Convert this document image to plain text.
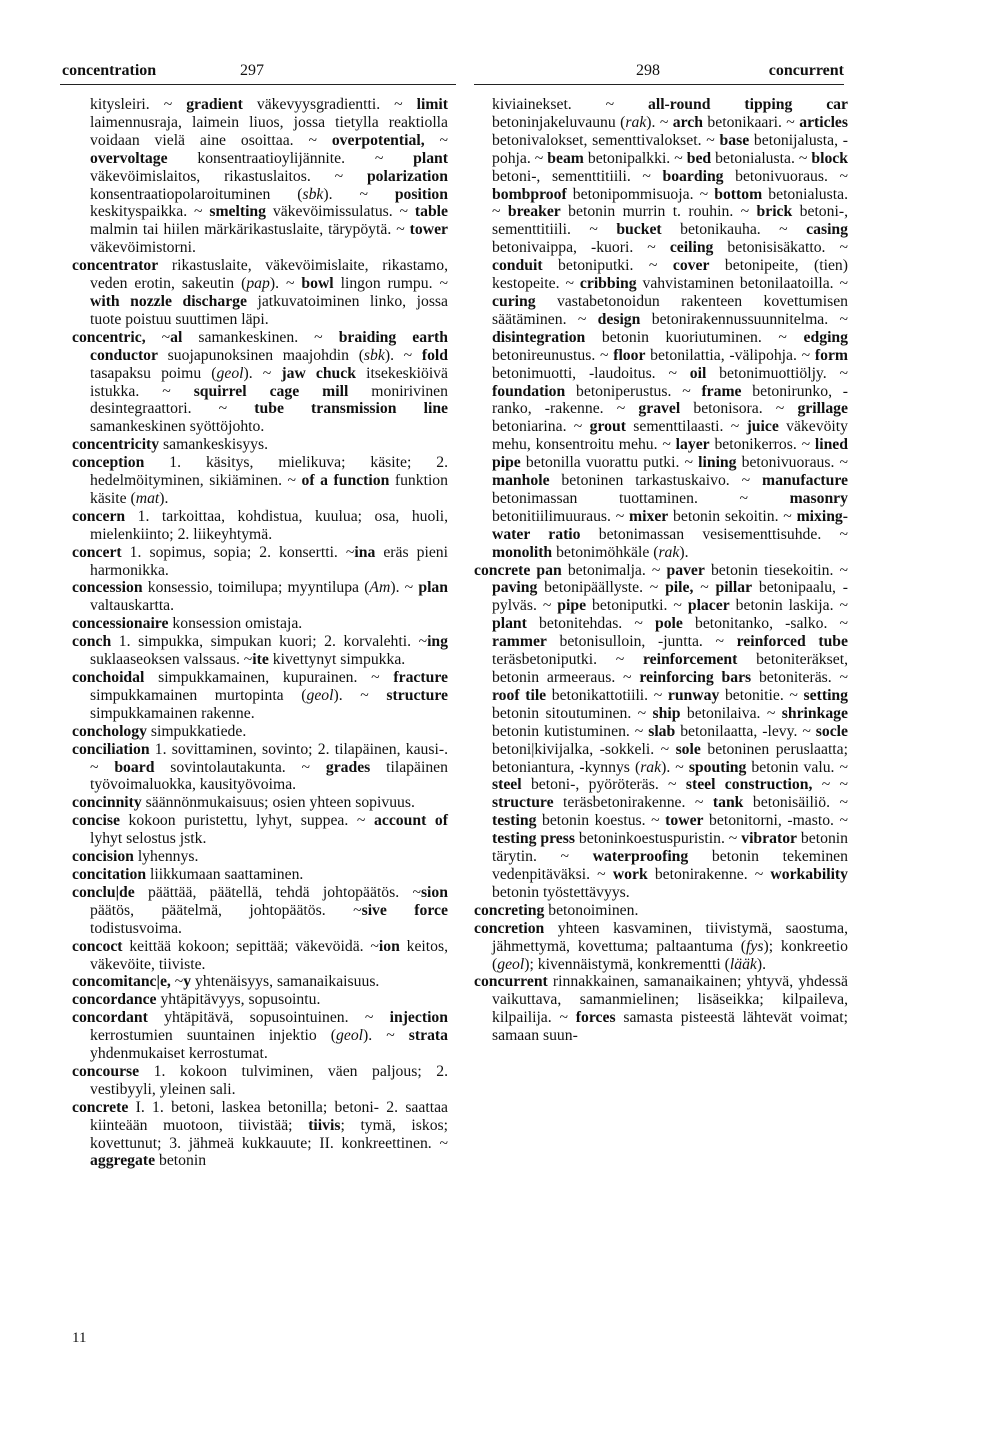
concentration	297	298	concurrent
kitysleiri. ~ gradient väkevyysgradientti. ~ limit laimennusraja, laimein liuos, jossa tietylla reaktiolla voidaan vielä aine osoittaa. ~ overpotential, ~ overvoltage konsentraatioylijännite. ~ plant väkevöimislaitos, rikastuslaitos. ~ polarization konsentraatiopolaroituminen (sbk). ~ position keskityspaikka. ~ smelting väkevöimissulatus. ~ table malmin tai hiilen märkärikastuslaite, tärypöytä. ~ tower väkevöimistorni.
concentrator rikastuslaite, väkevöimislaite, rikastamo, veden erotin, sakeutin (pap). ~ bowl lingon rumpu. ~ with nozzle discharge jatkuvatoiminen linko, jossa tuote poistuu suuttimen läpi.
concentric, ~al samankeskinen. ~ braiding earth conductor suojapunoksinen maajohdin (sbk). ~ fold tasapaksu poimu (geol). ~ jaw chuck itsekeskiöivä istukka. ~ squirrel cage mill monirivinen desintegraattori. ~ tube transmission line samankeskinen syöttöjohto.
concentricity samankeskisyys.
conception 1. käsitys, mielikuva; käsite; 2. hedelmöityminen, sikiäminen. ~ of a function funktion käsite (mat).
concern 1. tarkoittaa, kohdistua, kuulua; osa, huoli, mielenkiinto; 2. liikeyhtymä.
concert 1. sopimus, sopia; 2. konsertti. ~ina eräs pieni harmonikka.
concession konsessio, toimilupa; myyntilupa (Am). ~ plan valtauskartta.
concessionaire konsession omistaja.
conch 1. simpukka, simpukan kuori; 2. korvalehti. ~ing suklaaseoksen valssaus. ~ite kivettynyt simpukka.
conchoidal simpukkamainen, kupurainen. ~ fracture simpukkamainen murtopinta (geol). ~ structure simpukkamainen rakenne.
conchology simpukkatiede.
conciliation 1. sovittaminen, sovinto; 2. tilapäinen, kausi-. ~ board sovintolautakunta. ~ grades tilapäinen työvoimaluokka, kausityövoima.
concinnity säännönmukaisuus; osien yhteen sopivuus.
concise kokoon puristettu, lyhyt, suppea. ~ account of lyhyt selostus jstk.
concision lyhennys.
concitation liikkumaan saattaminen.
conclu|de päättää, päätellä, tehdä johtopäätös. ~sion päätös, päätelmä, johtopäätös. ~sive force todistusvoima.
concoct keittää kokoon; sepittää; väkevöidä. ~ion keitos, väkevöite, tiiviste.
concomitanc|e, ~y yhtenäisyys, samanaikaisuus.
concordance yhtäpitävyys, sopusointu.
concordant yhtäpitävä, sopusointuinen. ~ injection kerrostumien suuntainen injektio (geol). ~ strata yhdenmukaiset kerrostumat.
concourse 1. kokoon tulviminen, väen paljous; 2. vestibyyli, yleinen sali.
concrete I. 1. betoni, laskea betonilla; betoni- 2. saattaa kiinteään muotoon, tiivistää; tiivis; tymä, iskos; kovettunut; 3. jähmeä kukkauute; II. konkreettinen. ~ aggregate betonin
kiviainekset. ~ all-round tipping car betoninjakeluvaunu (rak). ~ arch betonikaari. ~ articles betonivalokset, sementtivalokset. ~ base betonijalusta, -pohja. ~ beam betonipalkki. ~ bed betonialusta. ~ block betoni-, sementtitiili. ~ boarding betonivuoraus. ~ bombproof betonipommisuoja. ~ bottom betonialusta. ~ breaker betonin murrin t. rouhin. ~ brick betoni-, sementtitiili. ~ bucket betonikauha. ~ casing betonivaippa, -kuori. ~ ceiling betonisisäkatto. ~ conduit betoniputki. ~ cover betonipeite, (tien) kestopeite. ~ cribbing vahvistaminen betonilaatoilla. ~ curing vastabetonoidun rakenteen kovettumisen säätäminen. ~ design betonirakennussuunnitelma. ~ disintegration betonin kuoriutuminen. ~ edging betonireunustus. ~ floor betonilattia, -välipohja. ~ form betonimuotti, -laudoitus. ~ oil betonimuottiöljy. ~ foundation betoniperustus. ~ frame betonirunko, -ranko, -rakenne. ~ gravel betonisora. ~ grillage betoniarina. ~ grout sementtilaasti. ~ juice väkevöity mehu, konsentroitu mehu. ~ layer betonikerros. ~ lined pipe betonilla vuorattu putki. ~ lining betonivuoraus. ~ manhole betoninen tarkastuskaivo. ~ manufacture betonimassan tuottaminen. ~ masonry betonitiilimuuraus. ~ mixer betonin sekoitin. ~ mixing-water ratio betonimassan vesisementtisuhde. ~ monolith betonimöhkäle (rak).
concrete pan betonimalja. ~ paver betonin tiesekoitin. ~ paving betonipäällyste. ~ pile, ~ pillar betonipaalu, -pylväs. ~ pipe betoniputki. ~ placer betonin laskija. ~ plant betonitehdas. ~ pole betonitanko, -salko. ~ rammer betonisulloin, -juntta. ~ reinforced tube teräsbetoniputki. ~ reinforcement betoniteräkset, betonin armeeraus. ~ reinforcing bars betoniteräs. ~ roof tile betonikattotiili. ~ runway betonitie. ~ setting betonin sitoutuminen. ~ ship betonilaiva. ~ shrinkage betonin kutistuminen. ~ slab betonilaatta, -levy. ~ socle betoni|kivijalka, -sokkeli. ~ sole betoninen peruslaatta; betoniantura, -kynnys (rak). ~ spouting betonin valu. ~ steel betoni-, pyöröteräs. ~ steel construction, ~ ~ structure teräsbetonirakenne. ~ tank betonisäiliö. ~ testing betonin koestus. ~ tower betonitorni, -masto. ~ testing press betoninkoestuspuristin. ~ vibrator betonin tärytin. ~ waterproofing betonin tekeminen vedenpitäväksi. ~ work betonirakenne. ~ workability betonin työstettävyys.
concreting betonoiminen.
concretion yhteen kasvaminen, tiivistymä, saostuma, jähmettymä, kovettuma; paltaantuma (fys); konkreetio (geol); kivennäistymä, konkrementti (lääk).
concurrent rinnakkainen, samanaikainen; yhtyvä, yhdessä vaikuttava, samanmielinen; lisäseikka; kilpaileva, kilpailija. ~ forces samasta pisteestä lähtevät voimat; samaan suun-
11
